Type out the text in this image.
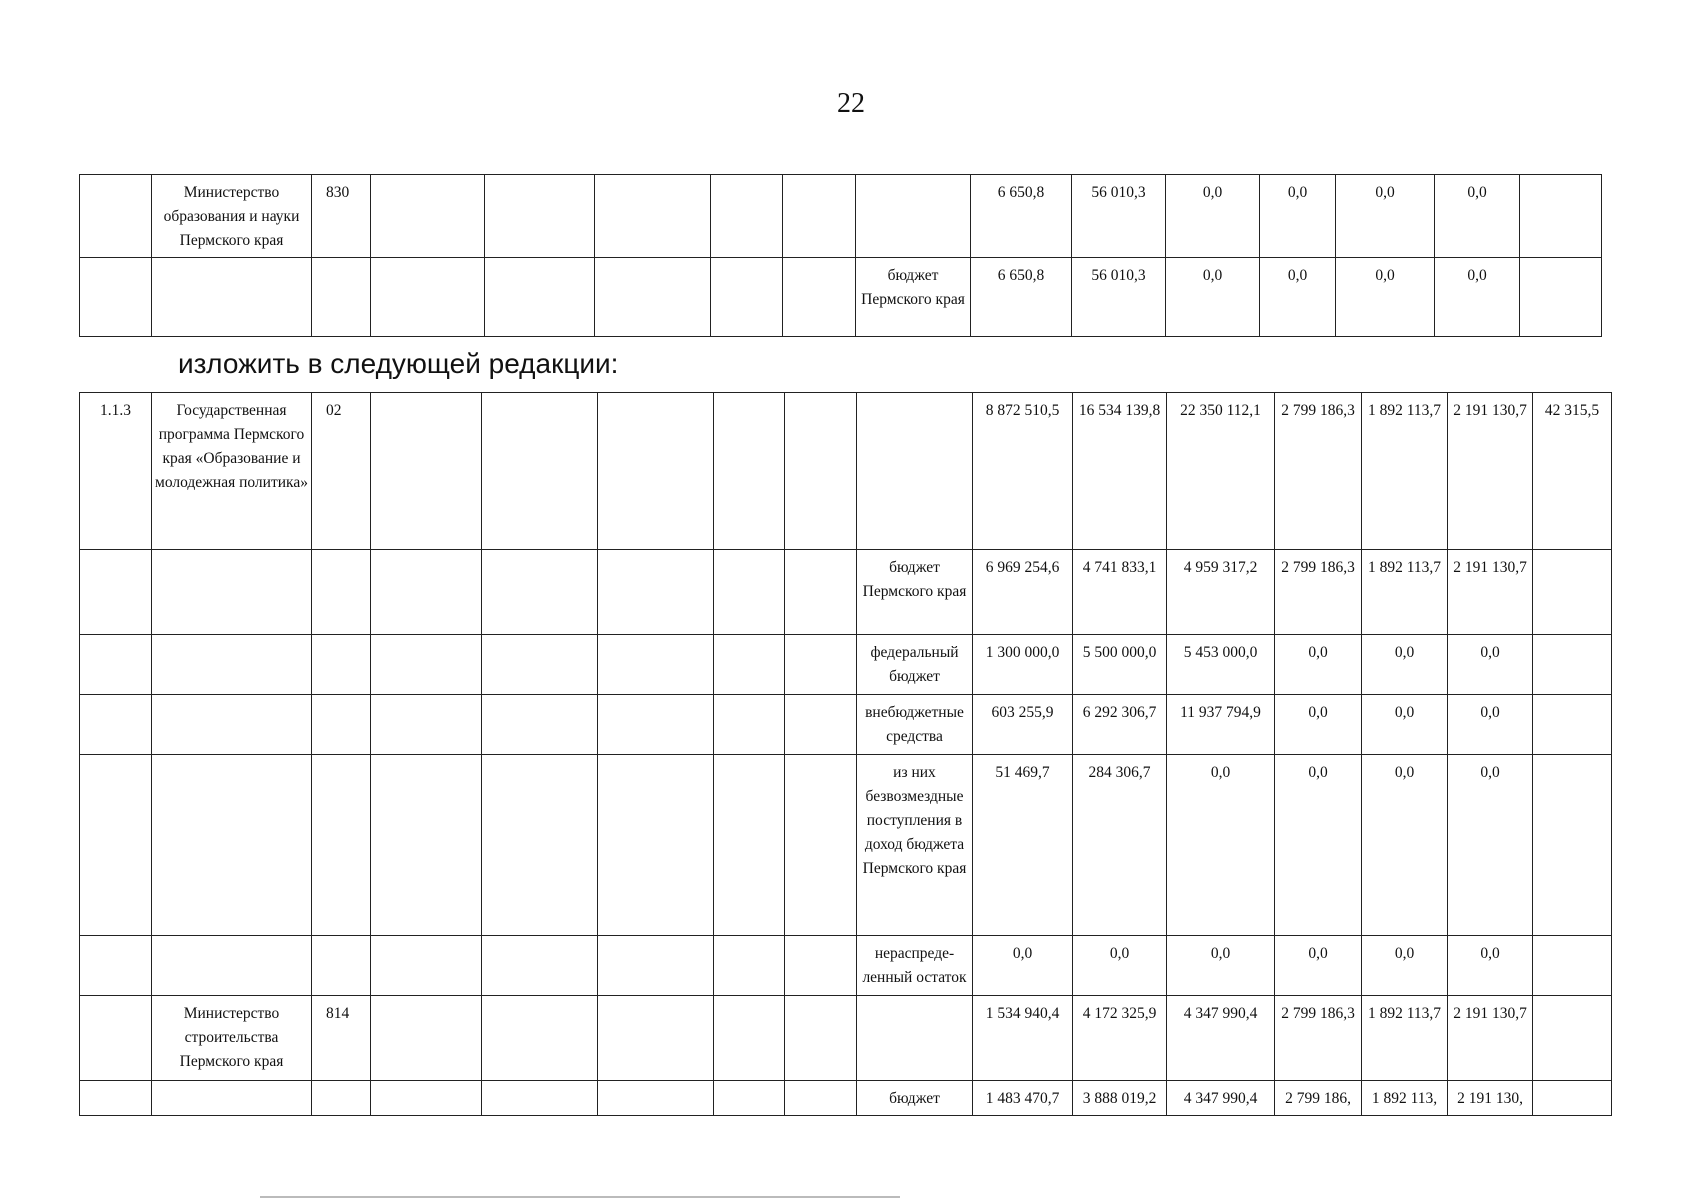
22
	Министерство образования и науки Пермского края	830							6 650,8	56 010,3	0,0	0,0	0,0	0,0	
								бюджет Пермского края	6 650,8	56 010,3	0,0	0,0	0,0	0,0	
изложить в следующей редакции:
1.1.3	Государственная программа Пермского края «Образование и молодежная политика»	02							8 872 510,5	16 534 139,8	22 350 112,1	2 799 186,3	1 892 113,7	2 191 130,7	42 315,5
								бюджет Пермского края	6 969 254,6	4 741 833,1	4 959 317,2	2 799 186,3	1 892 113,7	2 191 130,7	
								федеральный бюджет	1 300 000,0	5 500 000,0	5 453 000,0	0,0	0,0	0,0	
								внебюджетные средства	603 255,9	6 292 306,7	11 937 794,9	0,0	0,0	0,0	
								из них безвозмездные поступления в доход бюджета Пермского края	51 469,7	284 306,7	0,0	0,0	0,0	0,0	
								нераспреде-ленный остаток	0,0	0,0	0,0	0,0	0,0	0,0	
	Министерство строительства Пермского края	814							1 534 940,4	4 172 325,9	4 347 990,4	2 799 186,3	1 892 113,7	2 191 130,7	
								бюджет	1 483 470,7	3 888 019,2	4 347 990,4	2 799 186,	1 892 113,	2 191 130,	
